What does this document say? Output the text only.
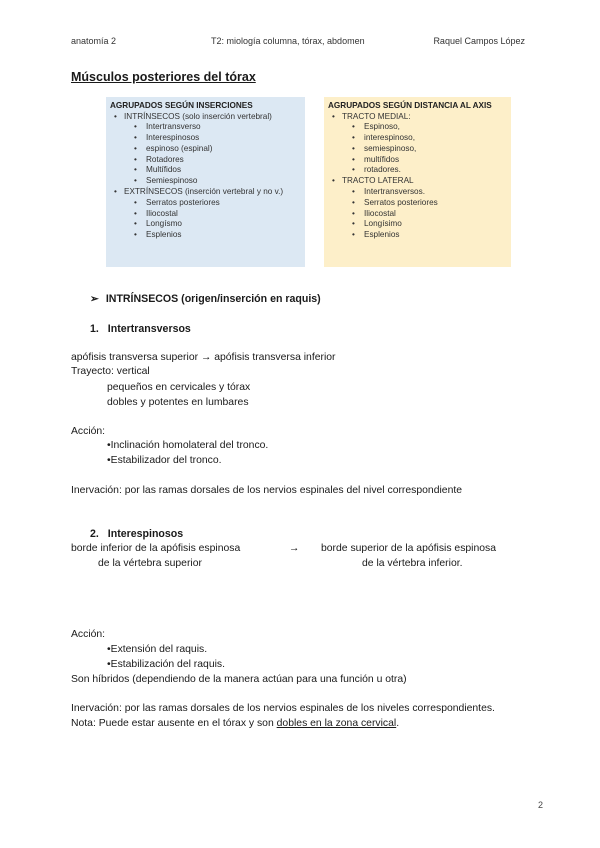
anatomía 2	T2: miología columna, tórax, abdomen	Raquel Campos López
Músculos posteriores del tórax
AGRUPADOS SEGÚN INSERCIONES
• INTRÍNSECOS (solo inserción vertebral)
• Intertransverso
• Interespinosos
• espinoso (espinal)
• Rotadores
• Multífidos
• Semiespinoso
• EXTRÍNSECOS (inserción vertebral y no v.)
• Serratos posteriores
• Iliocostal
• Longísmo
• Esplenios
AGRUPADOS SEGÚN DISTANCIA AL AXIS
• TRACTO MEDIAL:
• Espinoso,
• interespinoso,
• semiespinoso,
• multífidos
• rotadores.
• TRACTO LATERAL
• Intertransversos.
• Serratos posteriores
• Iliocostal
• Longísimo
• Esplenios
➢ INTRÍNSECOS (origen/inserción en raquis)
1. Intertransversos
apófisis transversa superior → apófisis transversa inferior
Trayecto: vertical
pequeños en cervicales y tórax
dobles y potentes en lumbares
Acción:
•Inclinación homolateral del tronco.
•Estabilizador del tronco.
Inervación: por las ramas dorsales de los nervios espinales del nivel correspondiente
2. Interespinosos
borde inferior de la apófisis espinosa	→ borde superior de la apófisis espinosa
de la vértebra superior	de la vértebra inferior.
Acción:
•Extensión del raquis.
•Estabilización del raquis.
Son híbridos (dependiendo de la manera actúan para una función u otra)
Inervación: por las ramas dorsales de los nervios espinales de los niveles correspondientes.
Nota: Puede estar ausente en el tórax y son dobles en la zona cervical.
2
